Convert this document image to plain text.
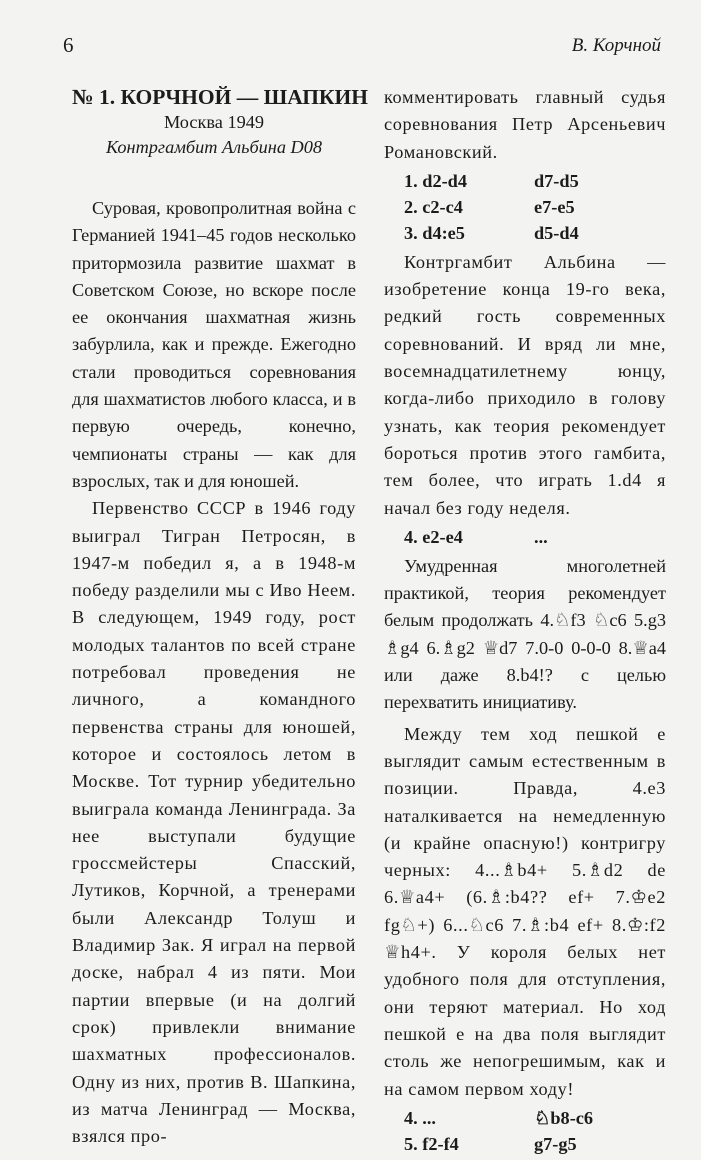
6	В. Корчной

№ 1. КОРЧНОЙ — ШАПКИН

Москва 1949

Контргамбит Альбина D08

Суровая, кровопролитная война с Германией 1941–45 годов несколько притормозила развитие шахмат в Советском Союзе, но вскоре после ее окончания шахматная жизнь забурлила, как и прежде. Ежегодно стали проводиться соревнования для шахматистов любого класса, и в первую очередь, конечно, чемпионаты страны — как для взрослых, так и для юношей.

Первенство СССР в 1946 году выиграл Тигран Петросян, в 1947-м победил я, а в 1948-м победу разделили мы с Иво Неем. В следующем, 1949 году, рост молодых талантов по всей стране потребовал проведения не личного, а командного первенства страны для юношей, которое и состоялось летом в Москве. Тот турнир убедительно выиграла команда Ленинграда. За нее выступали будущие гроссмейстеры Спасский, Лутиков, Корчной, а тренерами были Александр Толуш и Владимир Зак. Я играл на первой доске, набрал 4 из пяти. Мои партии впервые (и на долгий срок) привлекли внимание шахматных профессионалов. Одну из них, против В. Шапкина, из матча Ленинград — Москва, взялся про-

комментировать главный судья соревнования Петр Арсеньевич Романовский.

1. d2-d4	d7-d5
2. c2-c4	e7-e5
3. d4:e5	d5-d4

Контргамбит Альбина — изобретение конца 19-го века, редкий гость современных соревнований. И вряд ли мне, восемнадцатилетнему юнцу, когда-либо приходило в голову узнать, как теория рекомендует бороться против этого гамбита, тем более, что играть 1.d4 я начал без году неделя.

4. e2-e4	...

Умудренная многолетней практикой, теория рекомендует белым продолжать 4.♘f3 ♘c6 5.g3 ♗g4 6.♗g2 ♕d7 7.0-0 0-0-0 8.♕a4 или даже 8.b4!? с целью перехватить инициативу.

Между тем ход пешкой e выглядит самым естественным в позиции. Правда, 4.e3 наталкивается на немедленную (и крайне опасную!) контригру черных: 4...♗b4+ 5.♗d2 de 6.♕a4+ (6.♗:b4?? ef+ 7.♔e2 fg♘+) 6...♘c6 7.♗:b4 ef+ 8.♔:f2 ♕h4+. У короля белых нет удобного поля для отступления, они теряют материал. Но ход пешкой e на два поля выглядит столь же непогрешимым, как и на самом первом ходу!

4. ...	♘b8-c6
5. f2-f4	g7-g5
